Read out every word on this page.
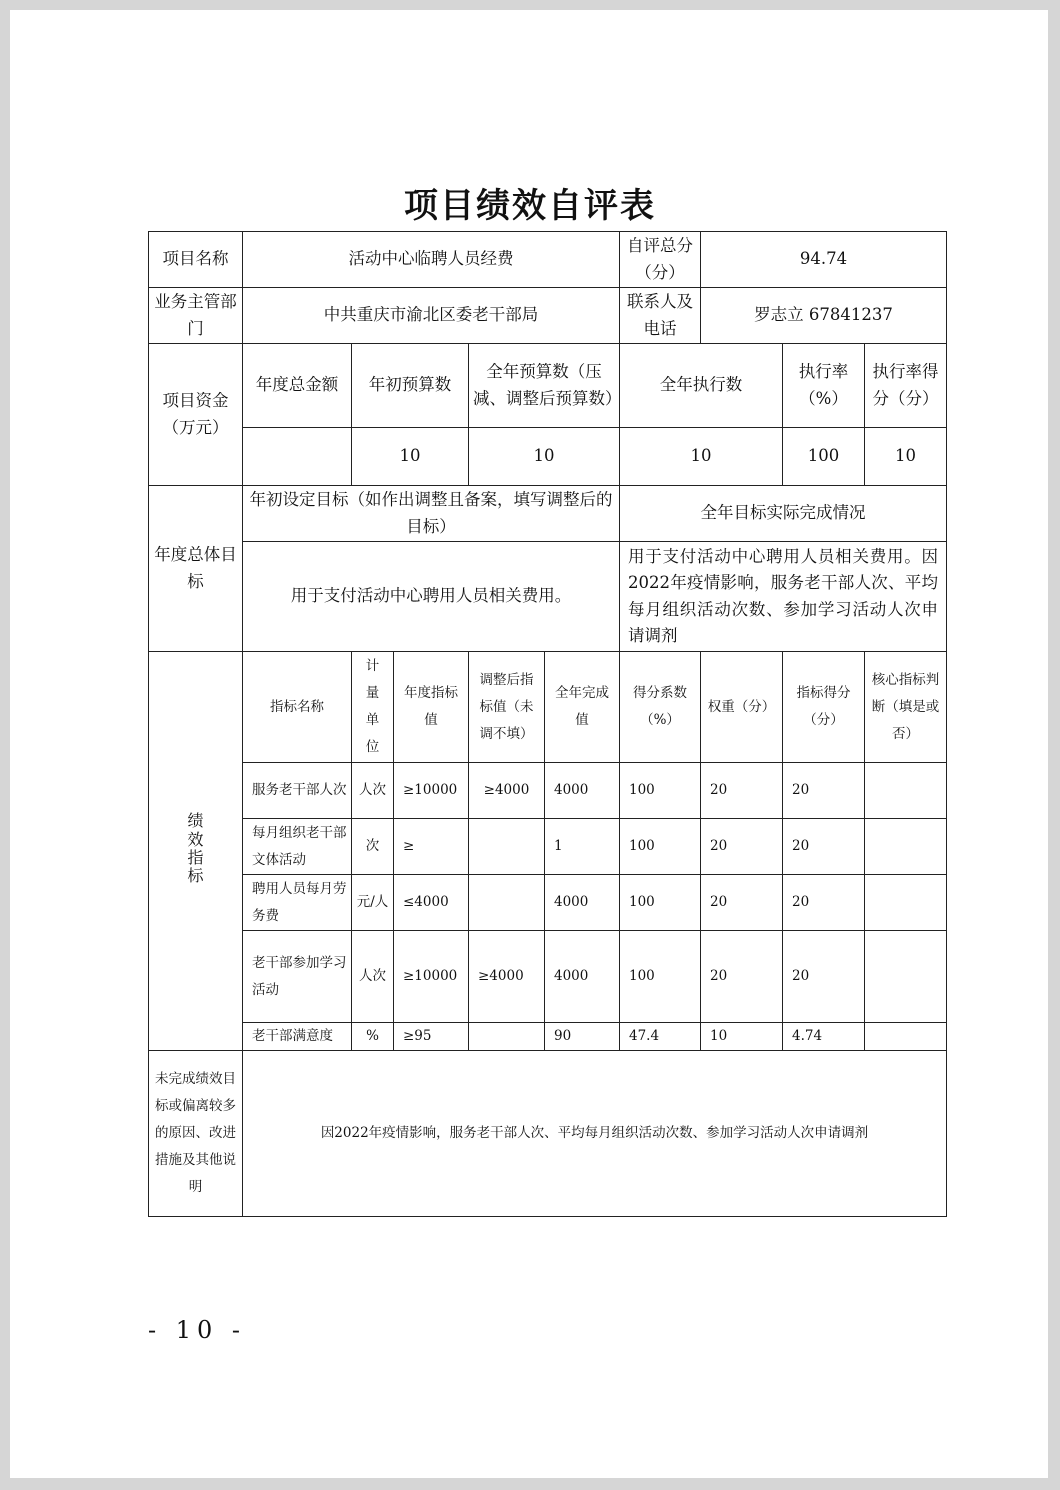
项目绩效自评表
项目名称	活动中心临聘人员经费					自评总分（分）	94.74		
业务主管部门	中共重庆市渝北区委老干部局					联系人及电话	罗志立 67841237		
项目资金（万元）	年度总金额	年初预算数		全年预算数（压减、调整后预算数）		全年执行数		执行率（%）	执行率得分（分）
		10		10		10		100	10
年度总体目标	年初设定目标（如作出调整且备案，填写调整后的目标）					全年目标实际完成情况			
	用于支付活动中心聘用人员相关费用。					用于支付活动中心聘用人员相关费用。因2022年疫情影响，服务老干部人次、平均每月组织活动次数、参加学习活动人次申请调剂			
绩效指标	指标名称	计量单位	年度指标值	调整后指标值（未调不填）	全年完成值	得分系数（%）	权重（分）	指标得分（分）	核心指标判断（填是或否）
	服务老干部人次	人次	≥10000	≥4000	4000	100	20	20	
	每月组织老干部文体活动	次	≥		1	100	20	20	
	聘用人员每月劳务费	元/人	≤4000		4000	100	20	20	
	老干部参加学习活动	人次	≥10000	≥4000	4000	100	20	20	
	老干部满意度	%	≥95		90	47.4	10	4.74	
未完成绩效目标或偏离较多的原因、改进措施及其他说明	因2022年疫情影响，服务老干部人次、平均每月组织活动次数、参加学习活动人次申请调剂								
- 10 -
